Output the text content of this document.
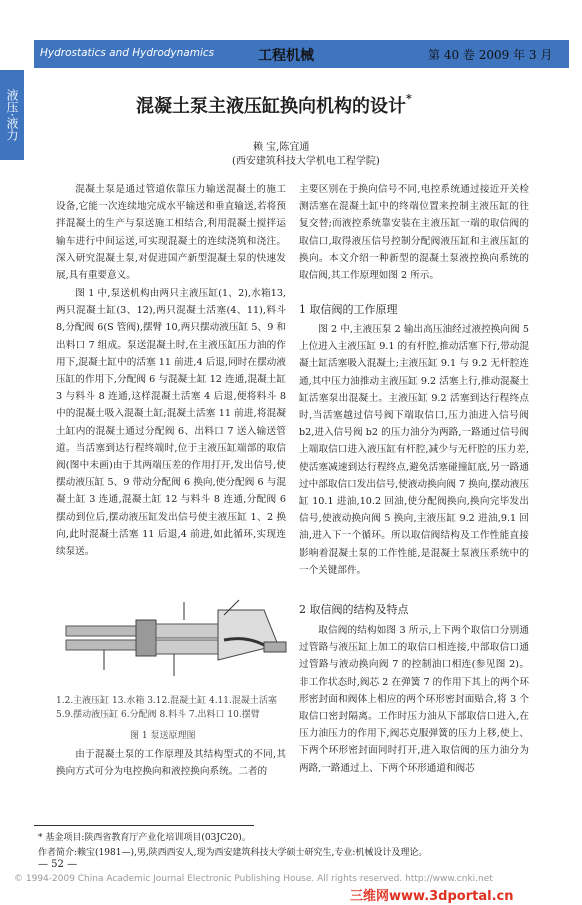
Hydrostatics and Hydrodynamics	工程机械	第 40 卷 2009 年 3 月
液压·液力	混凝土泵主液压缸换向机构的设计*
赖 宝,陈宜通
(西安建筑科技大学机电工程学院)

混凝土泵是通过管道依靠压力输送混凝土的施工设备,它能一次连续地完成水平输送和垂直输送,若将预拌混凝土的生产与泵送施工相结合,利用混凝土搅拌运输车进行中间运送,可实现混凝土的连续浇筑和浇注。深入研究混凝土泵,对促进国产新型混凝土泵的快速发展,具有重要意义。

图 1 中,泵送机构由两只主液压缸(1、2),水箱13,两只混凝土缸(3、12),两只混凝土活塞(4、11),料斗 8,分配阀 6(S 管阀),摆臂 10,两只摆动液压缸 5、9 和出料口 7 组成。泵送混凝土时,在主液压缸压力油的作用下,混凝土缸中的活塞 11 前进,4 后退,同时在摆动液压缸的作用下,分配阀 6 与混凝土缸 12 连通,混凝土缸 3 与料斗 8 连通,这样混凝土活塞 4 后退,便将料斗 8 中的混凝土吸入混凝土缸;混凝土活塞 11 前进,将混凝土缸内的混凝土通过分配阀 6、出料口 7 送入输送管道。当活塞到达行程终端时,位于主液压缸端部的取信阀(图中未画)由于其两端压差的作用打开,发出信号,使摆动液压缸 5、9 带动分配阀 6 换向,使分配阀 6 与混凝土缸 3 连通,混凝土缸 12 与料斗 8 连通,分配阀 6 摆动到位后,摆动液压缸发出信号使主液压缸 1、2 换向,此时混凝土活塞 11 后退,4 前进,如此循环,实现连续泵送。

1.2.主液压缸 13.水箱 3.12.混凝土缸 4.11.混凝土活塞 5.9.摆动液压缸 6.分配阀 8.料斗 7.出料口 10.摆臂

图 1 泵送原理图

由于混凝土泵的工作原理及其结构型式的不同,其换向方式可分为电控换向和液控换向系统。二者的

主要区别在于换向信号不同,电控系统通过接近开关检测活塞在混凝土缸中的终端位置来控制主液压缸的往复交替;而液控系统靠安装在主液压缸一端的取信阀的取信口,取得液压信号控制分配阀液压缸和主液压缸的换向。本文介绍一种新型的混凝土泵液控换向系统的取信阀,其工作原理如图 2 所示。

1 取信阀的工作原理

图 2 中,主液压泵 2 输出高压油经过液控换向阀 5 上位进入主液压缸 9.1 的有杆腔,推动活塞下行,带动混凝土缸活塞吸入混凝土;主液压缸 9.1 与 9.2 无杆腔连通,其中压力油推动主液压缸 9.2 活塞上行,推动混凝土缸活塞泵出混凝土。主液压缸 9.2 活塞到达行程终点时,当活塞越过信号阀下端取信口,压力油进入信号阀 b2,进入信号阀 b2 的压力油分为两路,一路通过信号阀上端取信口进入液压缸有杆腔,减少与无杆腔的压力差,使活塞减速到达行程终点,避免活塞碰撞缸底,另一路通过中部取信口发出信号,使液动换向阀 7 换向,摆动液压缸 10.1 进油,10.2 回油,使分配阀换向,换向完毕发出信号,使液动换向阀 5 换向,主液压缸 9.2 进油,9.1 回油,进入下一个循环。所以取信阀结构及工作性能直接影响着混凝土泵的工作性能,是混凝土泵液压系统中的一个关键部件。

2 取信阀的结构及特点

取信阀的结构如图 3 所示,上下两个取信口分别通过管路与液压缸上加工的取信口相连接,中部取信口通过管路与液动换向阀 7 的控制油口相连(参见图 2)。非工作状态时,阀芯 2 在弹簧 7 的作用下其上的两个环形密封面和阀体上相应的两个环形密封面贴合,将 3 个取信口密封隔离。工作时压力油从下部取信口进入,在压力油压力的作用下,阀芯克服弹簧的压力上移,使上、下两个环形密封面同时打开,进入取信阀的压力油分为两路,一路通过上、下两个环形通道和阀芯

* 基金项目:陕西省教育厅产业化培训项目(03JC20)。

作者简介:赖宝(1981—),男,陕西西安人,现为西安建筑科技大学硕士研究生,专业:机械设计及理论。

— 52 —
© 1994-2009 China Academic Journal Electronic Publishing House. All rights reserved. http://www.cnki.net
三维网www.3dportal.cn
